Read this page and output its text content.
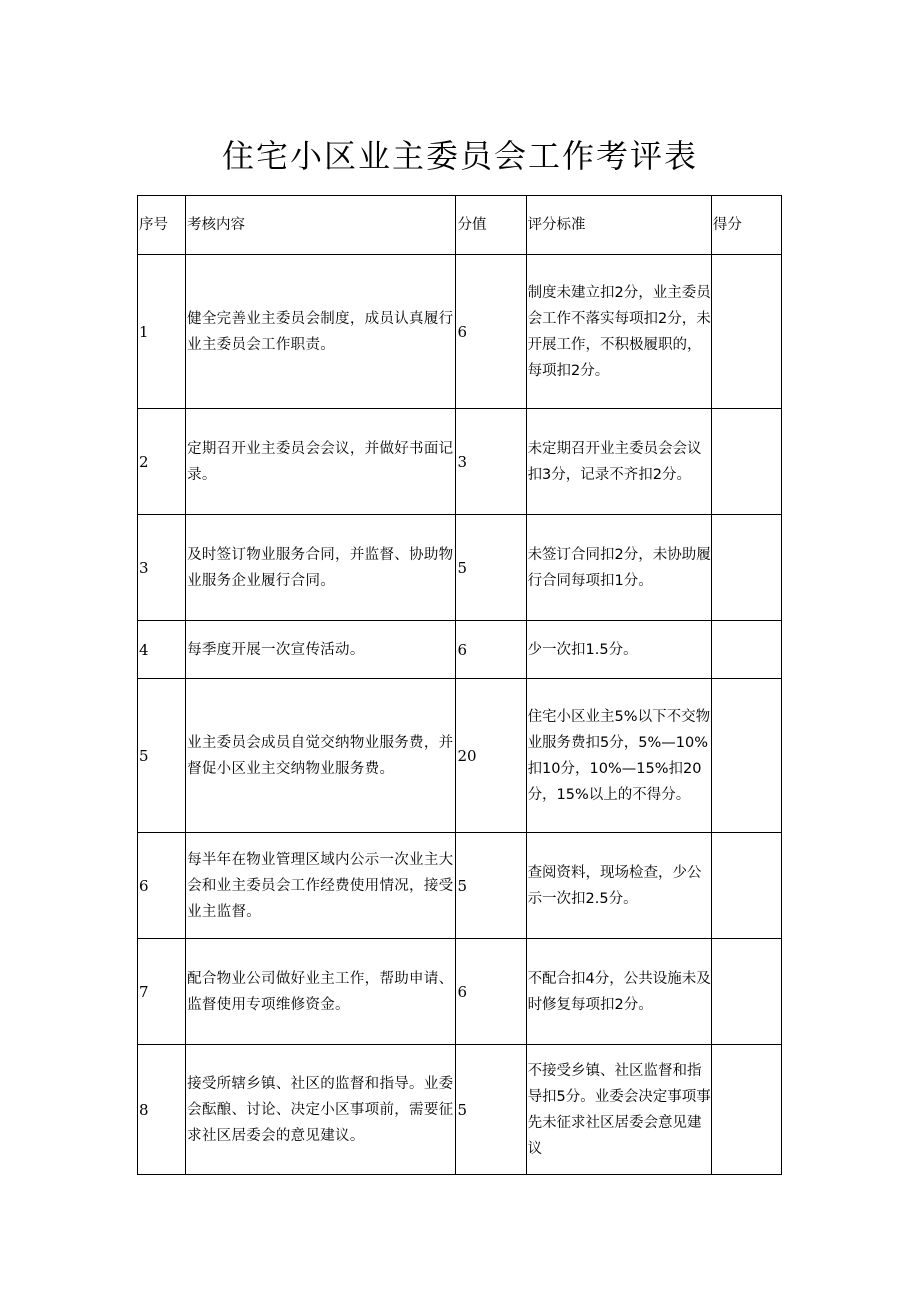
住宅小区业主委员会工作考评表
序号	考核内容	分值	评分标准	得分
1	健全完善业主委员会制度，成员认真履行业主委员会工作职责。	6	制度未建立扣2分，业主委员会工作不落实每项扣2分，未开展工作，不积极履职的，每项扣2分。	
2	定期召开业主委员会会议，并做好书面记录。	3	未定期召开业主委员会会议扣3分，记录不齐扣2分。	
3	及时签订物业服务合同，并监督、协助物业服务企业履行合同。	5	未签订合同扣2分，未协助履行合同每项扣1分。	
4	每季度开展一次宣传活动。	6	少一次扣1.5分。	
5	业主委员会成员自觉交纳物业服务费，并督促小区业主交纳物业服务费。	20	住宅小区业主5%以下不交物业服务费扣5分，5%—10%扣10分，10%—15%扣20分，15%以上的不得分。	
6	每半年在物业管理区域内公示一次业主大会和业主委员会工作经费使用情况，接受业主监督。	5	查阅资料，现场检查，少公示一次扣2.5分。	
7	配合物业公司做好业主工作，帮助申请、监督使用专项维修资金。	6	不配合扣4分，公共设施未及时修复每项扣2分。	
8	接受所辖乡镇、社区的监督和指导。业委会酝酿、讨论、决定小区事项前，需要征求社区居委会的意见建议。	5	不接受乡镇、社区监督和指导扣5分。业委会决定事项事先未征求社区居委会意见建议	
